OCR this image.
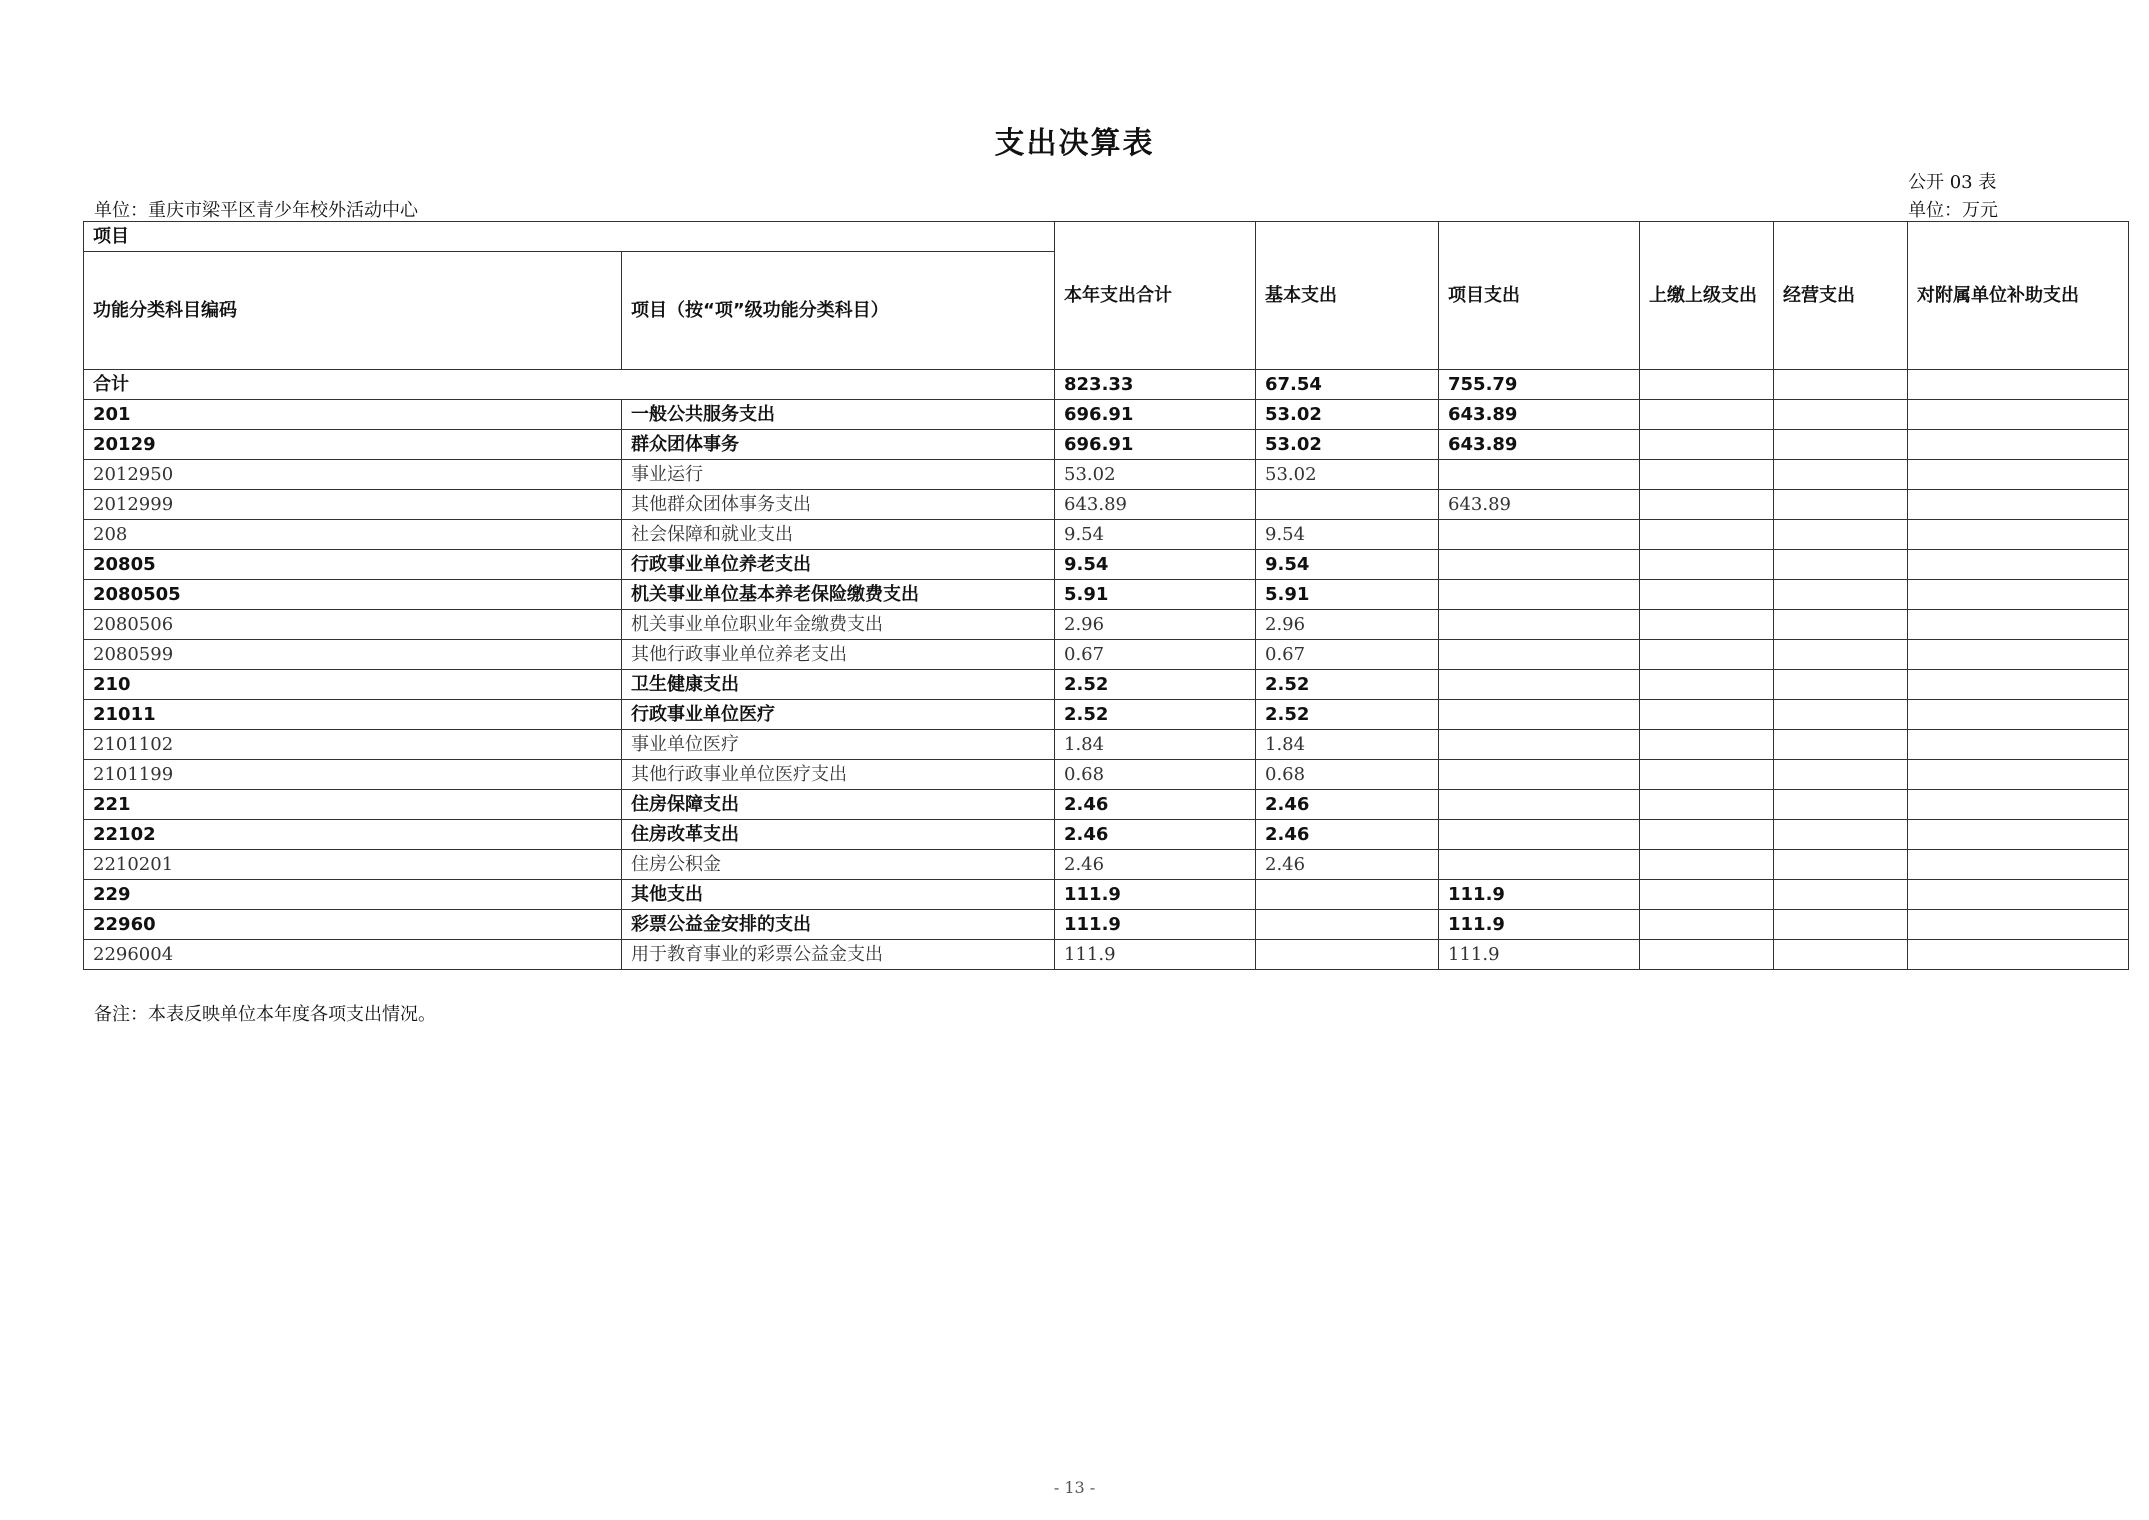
支出决算表
公开 03 表
单位：重庆市梁平区青少年校外活动中心	单位：万元
项目		本年支出合计	基本支出	项目支出	上缴上级支出	经营支出	对附属单位补助支出
功能分类科目编码	项目（按“项”级功能分类科目）						
合计		823.33	67.54	755.79			
201	一般公共服务支出	696.91	53.02	643.89			
20129	群众团体事务	696.91	53.02	643.89			
2012950	事业运行	53.02	53.02				
2012999	其他群众团体事务支出	643.89		643.89			
208	社会保障和就业支出	9.54	9.54				
20805	行政事业单位养老支出	9.54	9.54				
2080505	机关事业单位基本养老保险缴费支出	5.91	5.91				
2080506	机关事业单位职业年金缴费支出	2.96	2.96				
2080599	其他行政事业单位养老支出	0.67	0.67				
210	卫生健康支出	2.52	2.52				
21011	行政事业单位医疗	2.52	2.52				
2101102	事业单位医疗	1.84	1.84				
2101199	其他行政事业单位医疗支出	0.68	0.68				
221	住房保障支出	2.46	2.46				
22102	住房改革支出	2.46	2.46				
2210201	住房公积金	2.46	2.46				
229	其他支出	111.9		111.9			
22960	彩票公益金安排的支出	111.9		111.9			
2296004	用于教育事业的彩票公益金支出	111.9		111.9			
备注：本表反映单位本年度各项支出情况。
- 13 -
